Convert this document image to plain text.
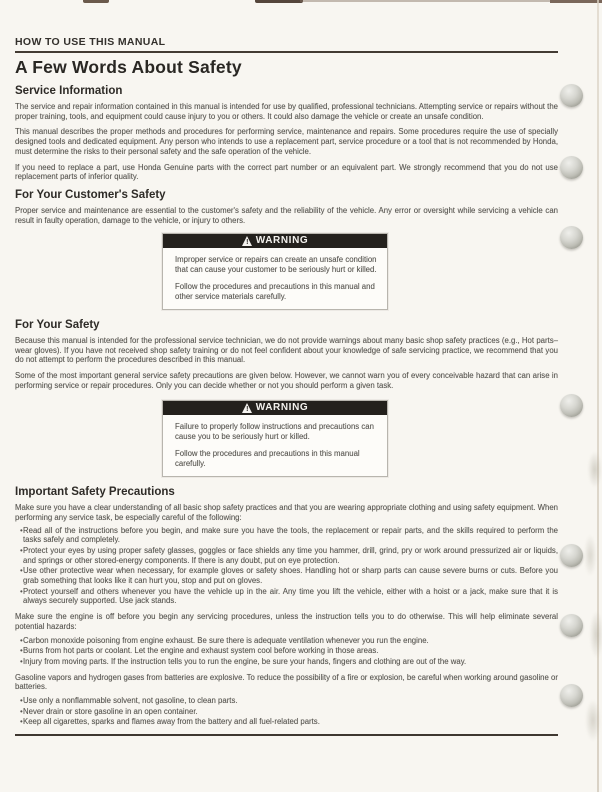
HOW TO USE THIS MANUAL
A Few Words About Safety
Service Information

The service and repair information contained in this manual is intended for use by qualified, professional technicians. Attempting service or repairs without the proper training, tools, and equipment could cause injury to you or others. It could also damage the vehicle or create an unsafe condition.

This manual describes the proper methods and procedures for performing service, maintenance and repairs. Some procedures require the use of specially designed tools and dedicated equipment. Any person who intends to use a replacement part, service procedure or a tool that is not recommended by Honda, must determine the risks to their personal safety and the safe operation of the vehicle.

If you need to replace a part, use Honda Genuine parts with the correct part number or an equivalent part. We strongly recommend that you do not use replacement parts of inferior quality.

For Your Customer's Safety

Proper service and maintenance are essential to the customer's safety and the reliability of the vehicle. Any error or oversight while servicing a vehicle can result in faulty operation, damage to the vehicle, or injury to others.

! WARNING

Improper service or repairs can create an unsafe condition that can cause your customer to be seriously hurt or killed.

Follow the procedures and precautions in this manual and other service materials carefully.

For Your Safety

Because this manual is intended for the professional service technician, we do not provide warnings about many basic shop safety practices (e.g., Hot parts–wear gloves). If you have not received shop safety training or do not feel confident about your knowledge of safe servicing practice, we recommend that you do not attempt to perform the procedures described in this manual.

Some of the most important general service safety precautions are given below. However, we cannot warn you of every conceivable hazard that can arise in performing service or repair procedures. Only you can decide whether or not you should perform a given task.

! WARNING

Failure to properly follow instructions and precautions can cause you to be seriously hurt or killed.

Follow the procedures and precautions in this manual carefully.

Important Safety Precautions

Make sure you have a clear understanding of all basic shop safety practices and that you are wearing appropriate clothing and using safety equipment. When performing any service task, be especially careful of the following:

• Read all of the instructions before you begin, and make sure you have the tools, the replacement or repair parts, and the skills required to perform the tasks safely and completely.
• Protect your eyes by using proper safety glasses, goggles or face shields any time you hammer, drill, grind, pry or work around pressurized air or liquids, and springs or other stored-energy components. If there is any doubt, put on eye protection.
• Use other protective wear when necessary, for example gloves or safety shoes. Handling hot or sharp parts can cause severe burns or cuts. Before you grab something that looks like it can hurt you, stop and put on gloves.
• Protect yourself and others whenever you have the vehicle up in the air. Any time you lift the vehicle, either with a hoist or a jack, make sure that it is always securely supported. Use jack stands.

Make sure the engine is off before you begin any servicing procedures, unless the instruction tells you to do otherwise. This will help eliminate several potential hazards:

• Carbon monoxide poisoning from engine exhaust. Be sure there is adequate ventilation whenever you run the engine.
• Burns from hot parts or coolant. Let the engine and exhaust system cool before working in those areas.
• Injury from moving parts. If the instruction tells you to run the engine, be sure your hands, fingers and clothing are out of the way.

Gasoline vapors and hydrogen gases from batteries are explosive. To reduce the possibility of a fire or explosion, be careful when working around gasoline or batteries.

• Use only a nonflammable solvent, not gasoline, to clean parts.
• Never drain or store gasoline in an open container.
• Keep all cigarettes, sparks and flames away from the battery and all fuel-related parts.
